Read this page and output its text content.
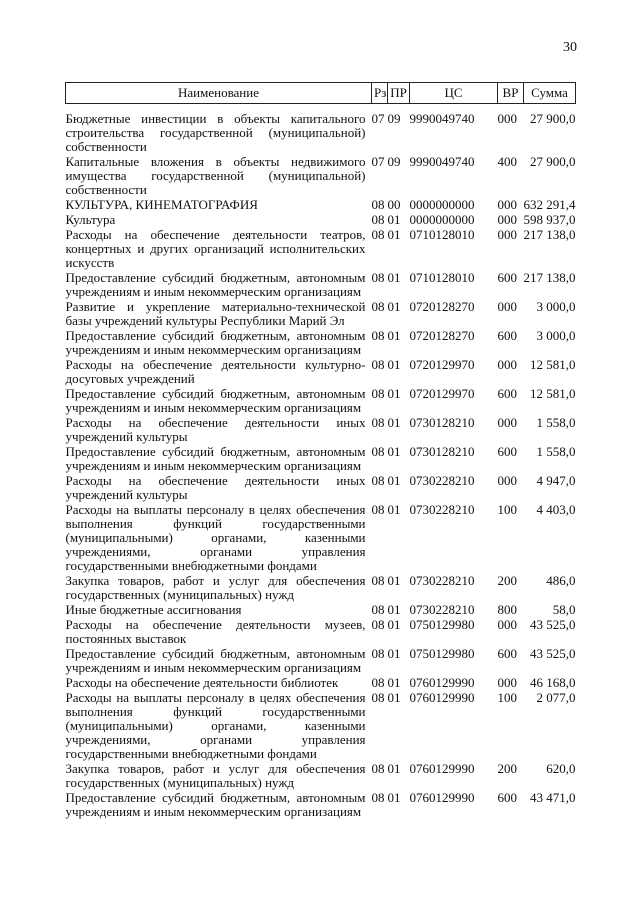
30
Наименование	Рз	ПР	ЦС	ВР	Сумма
Бюджетные инвестиции в объекты капитального строительства государственной (муниципальной) собственности	07	09	9990049740	000	27 900,0
Капитальные вложения в объекты недвижимого имущества государственной (муниципальной) собственности	07	09	9990049740	400	27 900,0
КУЛЬТУРА, КИНЕМАТОГРАФИЯ	08	00	0000000000	000	632 291,4
Культура	08	01	0000000000	000	598 937,0
Расходы на обеспечение деятельности театров, концертных и других организаций исполнительских искусств	08	01	0710128010	000	217 138,0
Предоставление субсидий бюджетным, автономным учреждениям и иным некоммерческим организациям	08	01	0710128010	600	217 138,0
Развитие и укрепление материально-технической базы учреждений культуры Республики Марий Эл	08	01	0720128270	000	3 000,0
Предоставление субсидий бюджетным, автономным учреждениям и иным некоммерческим организациям	08	01	0720128270	600	3 000,0
Расходы на обеспечение деятельности культурно-досуговых учреждений	08	01	0720129970	000	12 581,0
Предоставление субсидий бюджетным, автономным учреждениям и иным некоммерческим организациям	08	01	0720129970	600	12 581,0
Расходы на обеспечение деятельности иных учреждений культуры	08	01	0730128210	000	1 558,0
Предоставление субсидий бюджетным, автономным учреждениям и иным некоммерческим организациям	08	01	0730128210	600	1 558,0
Расходы на обеспечение деятельности иных учреждений культуры	08	01	0730228210	000	4 947,0
Расходы на выплаты персоналу в целях обеспечения выполнения функций государственными (муниципальными) органами, казенными учреждениями, органами управления государственными внебюджетными фондами	08	01	0730228210	100	4 403,0
Закупка товаров, работ и услуг для обеспечения государственных (муниципальных) нужд	08	01	0730228210	200	486,0
Иные бюджетные ассигнования	08	01	0730228210	800	58,0
Расходы на обеспечение деятельности музеев, постоянных выставок	08	01	0750129980	000	43 525,0
Предоставление субсидий бюджетным, автономным учреждениям и иным некоммерческим организациям	08	01	0750129980	600	43 525,0
Расходы на обеспечение деятельности библиотек	08	01	0760129990	000	46 168,0
Расходы на выплаты персоналу в целях обеспечения выполнения функций государственными (муниципальными) органами, казенными учреждениями, органами управления государственными внебюджетными фондами	08	01	0760129990	100	2 077,0
Закупка товаров, работ и услуг для обеспечения государственных (муниципальных) нужд	08	01	0760129990	200	620,0
Предоставление субсидий бюджетным, автономным учреждениям и иным некоммерческим организациям	08	01	0760129990	600	43 471,0
